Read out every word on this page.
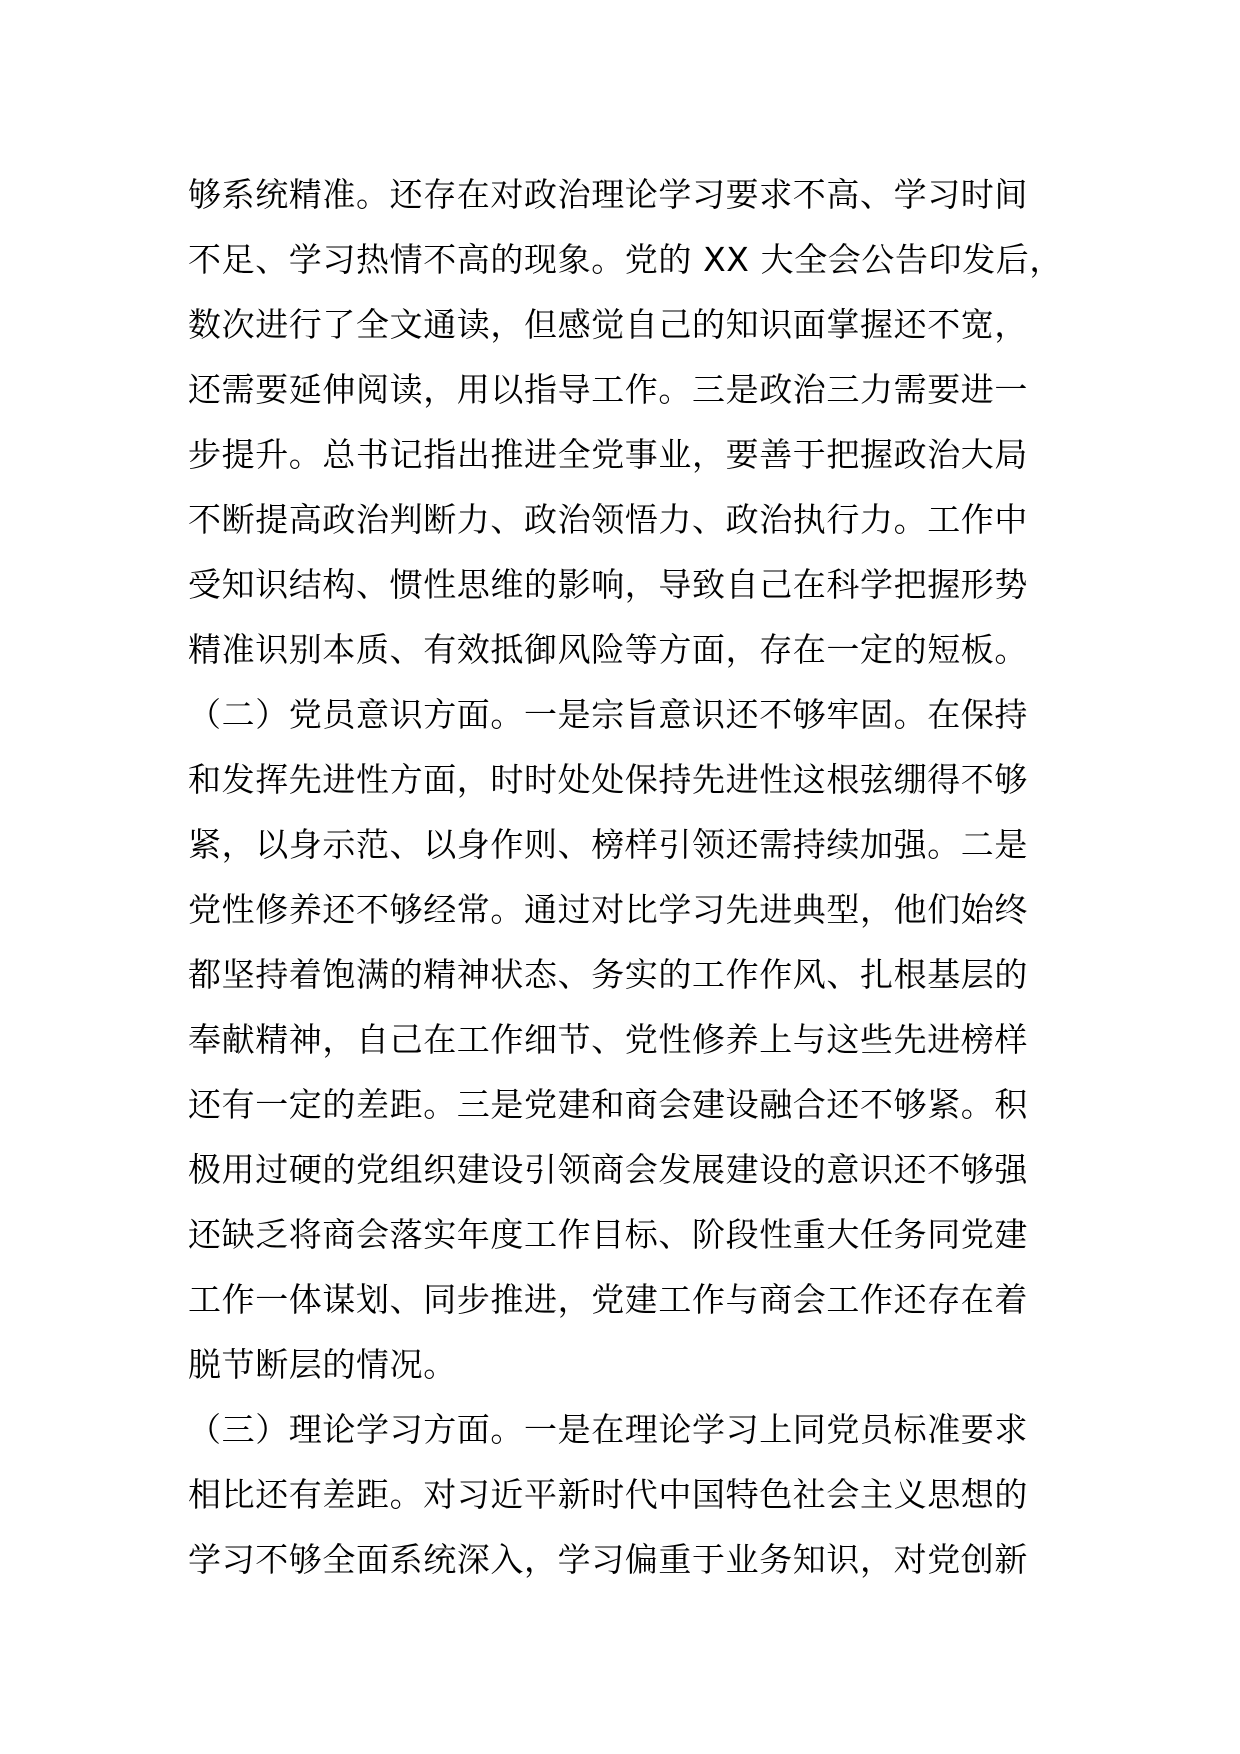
够系统精准。还存在对政治理论学习要求不高、学习时间
不足、学习热情不高的现象。党的 XX 大全会公告印发后，
数次进行了全文通读，但感觉自己的知识面掌握还不宽，
还需要延伸阅读，用以指导工作。三是政治三力需要进一
步提升。总书记指出推进全党事业，要善于把握政治大局
不断提高政治判断力、政治领悟力、政治执行力。工作中
受知识结构、惯性思维的影响，导致自己在科学把握形势
精准识别本质、有效抵御风险等方面，存在一定的短板。
（二）党员意识方面。一是宗旨意识还不够牢固。在保持
和发挥先进性方面，时时处处保持先进性这根弦绷得不够
紧，以身示范、以身作则、榜样引领还需持续加强。二是
党性修养还不够经常。通过对比学习先进典型，他们始终
都坚持着饱满的精神状态、务实的工作作风、扎根基层的
奉献精神，自己在工作细节、党性修养上与这些先进榜样
还有一定的差距。三是党建和商会建设融合还不够紧。积
极用过硬的党组织建设引领商会发展建设的意识还不够强
还缺乏将商会落实年度工作目标、阶段性重大任务同党建
工作一体谋划、同步推进，党建工作与商会工作还存在着
脱节断层的情况。
（三）理论学习方面。一是在理论学习上同党员标准要求
相比还有差距。对习近平新时代中国特色社会主义思想的
学习不够全面系统深入，学习偏重于业务知识，对党创新
